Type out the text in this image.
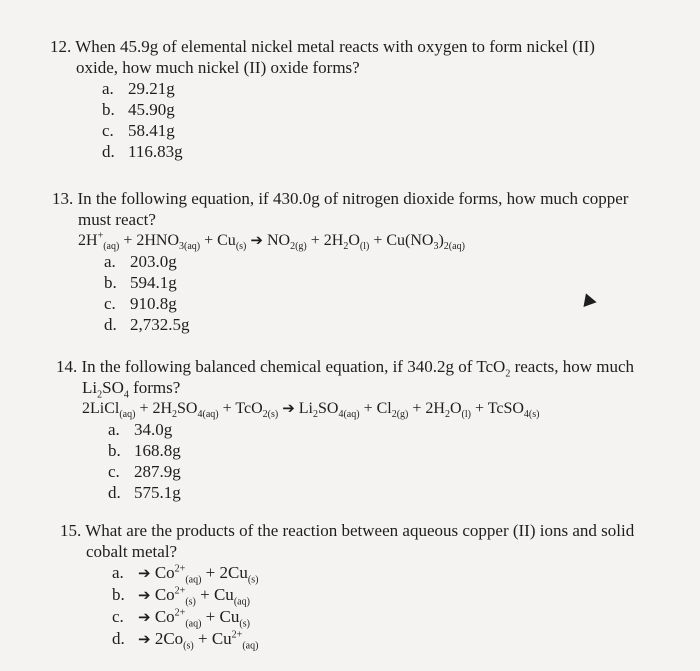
12. When 45.9g of elemental nickel metal reacts with oxygen to form nickel (II)
oxide, how much nickel (II) oxide forms?
a. 29.21g
b. 45.90g
c. 58.41g
d. 116.83g
13. In the following equation, if 430.0g of nitrogen dioxide forms, how much copper
must react?
$2H^+_{(aq)} + 2HNO_{3(aq)} + Cu_{(s)}$ ➔ $NO_{2(g)} + 2H_2O_{(l)} + Cu(NO_3)_{2(aq)}$
a. 203.0g
b. 594.1g
c. 910.8g
d. 2,732.5g
14. In the following balanced chemical equation, if 340.2g of TcO$_2$ reacts, how much
$Li_2SO_4$ forms?
2LiCl$_{(aq)}$ + $2H_2SO_{4(aq)} + TcO_{2(s)}$ ➔ $Li_2SO_{4(aq)} + Cl_{2(g)} + 2H_2O_{(l)}$ + TcSO$_{4(s)}$
a. 34.0g
b. 168.8g
c. 287.9g
d. 575.1g
15. What are the products of the reaction between aqueous copper (II) ions and solid
cobalt metal?
a. ➔ $Co^{2+}_{(aq)} + 2Cu_{(s)}$
b. ➔ $Co^{2+}_{(s)} + Cu_{(aq)}$
c. ➔ $Co^{2+}_{(aq)} + Cu_{(s)}$
d. ➔ $2Co_{(s)} + Cu^{2+}_{(aq)}$
